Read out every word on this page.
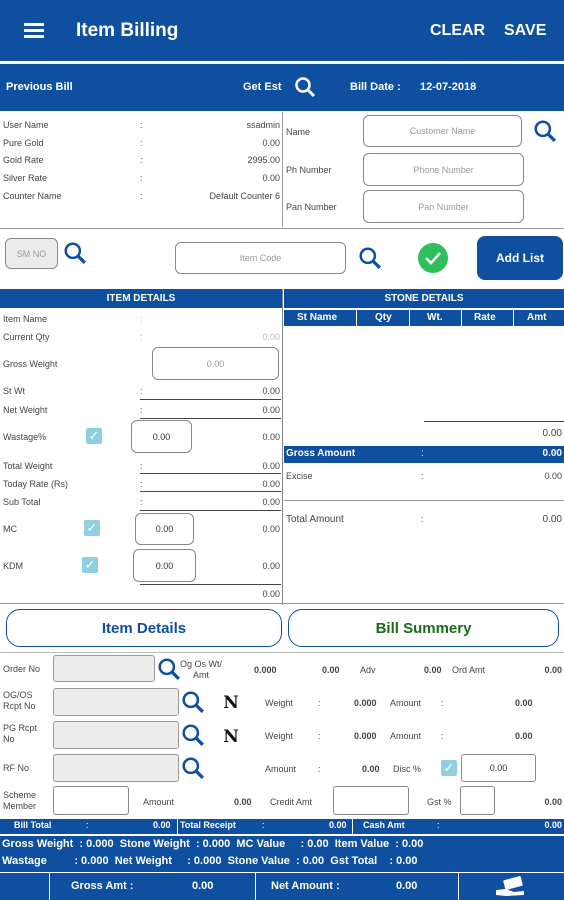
Item Billing	CLEAR SAVE
Previous Bill	Get Est	Bill Date : 12-07-2018
User Name	:	ssadmin
Pure Gold	:	0.00
Gold Rate	:	2995.00
Silver Rate	:	0.00
Counter Name	:	Default Counter 6
Name	Customer Name
Ph Number	Phone Number
Pan Number	Pan Number
SM NO	Item Code	Add List
ITEM DETAILS	STONE DETAILS
Item Name	:
Current Qty	:	0.00
Gross Weight	0.00
St Wt	:	0.00
Net Weight	:	0.00
Wastage%	✓	0.00	0.00
Total Weight	:	0.00
Today Rate (Rs)	:	0.00
Sub Total	:	0.00
MC	✓	0.00	0.00
KDM	✓	0.00	0.00
0.00
St Name	Qty	Wt.	Rate	Amt
0.00
Gross Amount	:	0.00
Excise	:	0.00
Total Amount	:	0.00
Item Details	Bill Summery
Order No	Og Os Wt/
Amt	0.000	0.00 Adv	0.00 Ord Amt	0.00
OG/OS
Rcpt No	N	Weight	:	0.000 Amount :	0.00
PG Rcpt
No	N	Weight	:	0.000 Amount :	0.00
RF No	Amount :	0.00 Disc % ✓	0.00
Scheme
Member	Amount	0.00 Credit Amt	Gst %	0.00
Bill Total	:	0.00 Total Receipt	:	0.00 Cash Amt	:	0.00
Gross Weight  : 0.000  Stone Weight  : 0.000  MC Value     : 0.00  Item Value  : 0.00
Wastage         : 0.000  Net Weight     : 0.000  Stone Value  : 0.00  Gst Total    : 0.00
Gross Amt :	0.00	Net Amount :	0.00
